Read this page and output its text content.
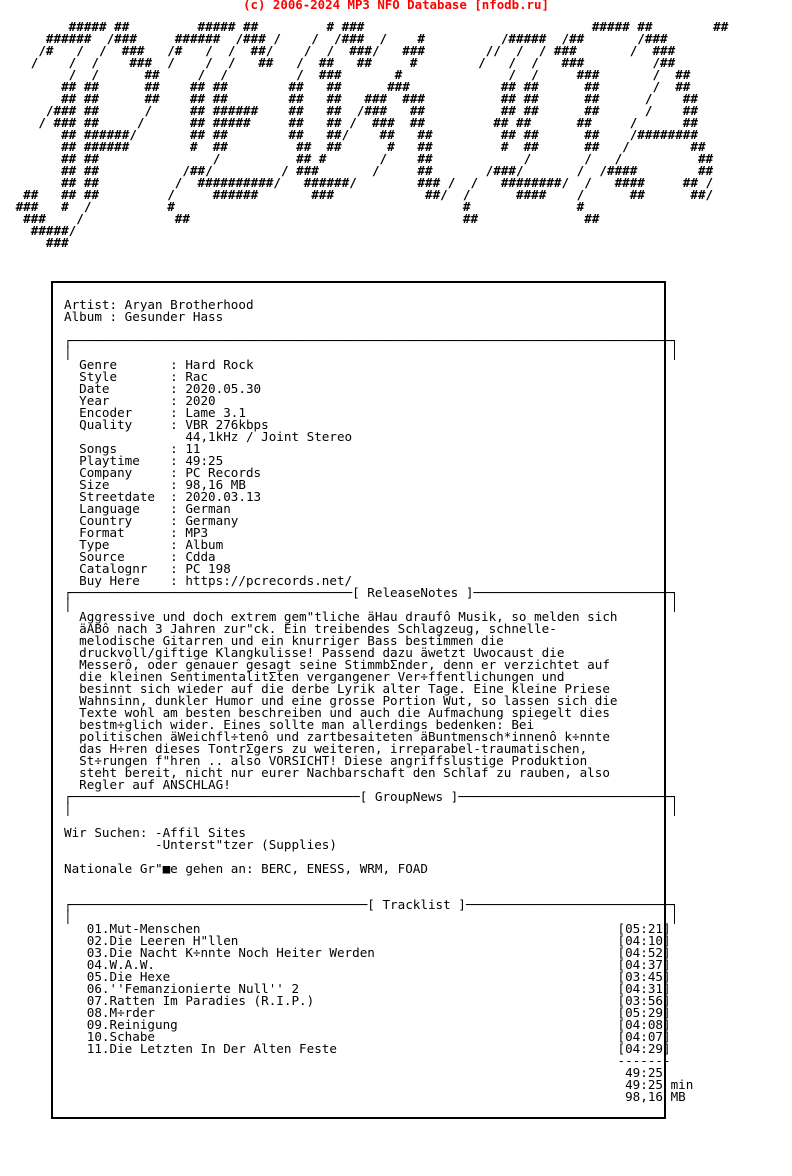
(c) 2006-2024 MP3 NFO Database [nfodb.ru]
##### ##         ##### ##         # ###                              ##### ##        ##
######  /###     ######  /### /    /  /###  /    #          /#####  /##       /###
/#   /  /  ###   /#   /  /  ##/    /  /  ###/   ###        //  /  / ###       /  ###
/    /  /    ###  /    /  /   ##   /  ##   ##     #        /   /  /   ###         /##
/  /      ##     /  /         /  ###       #              /  /     ###       /  ##
## ##      ##    ## ##        ##   ##      ###            ## ##      ##       /  ##
## ##      ##    ## ##        ##   ##   ###  ###          ## ##      ##      /    ##
/### ##      /     ## ######    ##   ##  /###   ##          ## ##      ##      /    ##
/ ### ##     /      ## #####     ##   ## /  ###  ##         ## ##      ##     /      ##
## ######/       ## ##        ##   ##/    ##   ##         ## ##      ##    /########
## ######        #  ##         ##  ##      #   ##         #  ##      ##   /        ##
## ##               /          ## #       /    ##            /       /   /          ##
## ##           /##/         / ###       /     ##       /###/       /  /####        ##
## ##          /  ##########/   ######/        ### /  /   ########/  /   ####     ## /
##   ## ##         /     ######       ###            ##/  /      ####    /      ##      ##/
###   #  /          #                                      #              #
###    /            ##                                    ##              ##
#####/
###

Artist: Aryan Brotherhood
Album : Gesunder Hass

┌───────────────────────────────────────────────────────────────────────────────┐
│                                                                               │
Genre       : Hard Rock
Style       : Rac
Date        : 2020.05.30
Year        : 2020
Encoder     : Lame 3.1
Quality     : VBR 276kbps
44,1kHz / Joint Stereo
Songs       : 11
Playtime    : 49:25
Company     : PC Records
Size        : 98,16 MB
Streetdate  : 2020.03.13
Language    : German
Country     : Germany
Format      : MP3
Type        : Album
Source      : Cdda
Catalognr   : PC 198
Buy Here    : https://pcrecords.net/
┌─────────────────────────────────────[ ReleaseNotes ]──────────────────────────┐
│                                                                               │
Aggressive und doch extrem gem"tliche äHau draufô Musik, so melden sich
äABô nach 3 Jahren zur"ck. Ein treibendes Schlagzeug, schnelle-
melodische Gitarren und ein knurriger Bass bestimmen die
druckvoll/giftige Klangkulisse! Passend dazu äwetzt Uwocaust die
Messerô, oder genauer gesagt seine StimmbΣnder, denn er verzichtet auf
die kleinen SentimentalitΣten vergangener Ver÷ffentlichungen und
besinnt sich wieder auf die derbe Lyrik alter Tage. Eine kleine Priese
Wahnsinn, dunkler Humor und eine grosse Portion Wut, so lassen sich die
Texte wohl am besten beschreiben und auch die Aufmachung spiegelt dies
bestm÷glich wider. Eines sollte man allerdings bedenken: Bei
politischen äWeichfl÷tenô und zartbesaiteten äBuntmensch*innenô k÷nnte
das H÷ren dieses TontrΣgers zu weiteren, irreparabel-traumatischen,
St÷rungen f"hren .. also VORSICHT! Diese angriffslustige Produktion
steht bereit, nicht nur eurer Nachbarschaft den Schlaf zu rauben, also
Regler auf ANSCHLAG!
┌──────────────────────────────────────[ GroupNews ]────────────────────────────┐
│                                                                               │

Wir Suchen: -Affil Sites
-Unterst"tzer (Supplies)

Nationale Gr"■e gehen an: BERC, ENESS, WRM, FOAD

┌───────────────────────────────────────[ Tracklist ]───────────────────────────┐
│                                                                               │
01.Mut-Menschen                                                       [05:21]
02.Die Leeren H"llen                                                  [04:10]
03.Die Nacht K÷nnte Noch Heiter Werden                                [04:52]
04.W.A.W.                                                             [04:37]
05.Die Hexe                                                           [03:45]
06.''Femanzionierte Null'' 2                                          [04:31]
07.Ratten Im Paradies (R.I.P.)                                        [03:56]
08.M÷rder                                                             [05:29]
09.Reinigung                                                          [04:08]
10.Schabe                                                             [04:07]
11.Die Letzten In Der Alten Feste                                     [04:29]
-------
49:25
49:25 min
98,16 MB
